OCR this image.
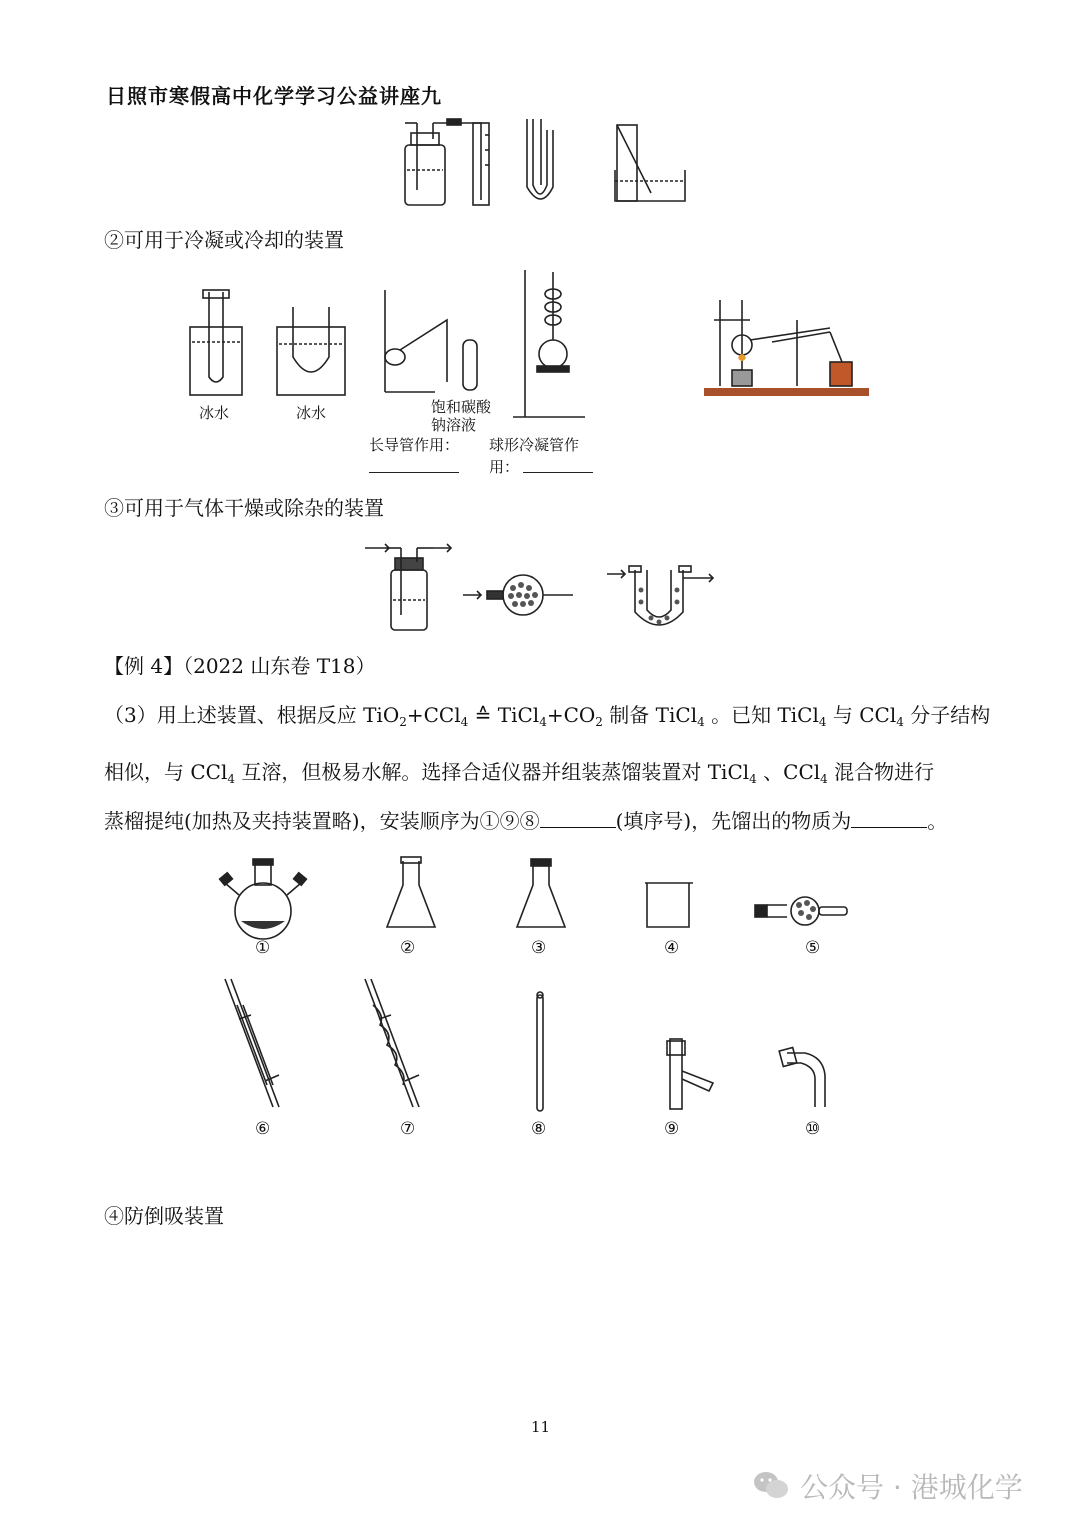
日照市寒假高中化学学习公益讲座九
②可用于冷凝或冷却的装置
冰水	冰水	饱和碳酸
钠溶液
长导管作用： 球形冷凝管作
用：
③可用于气体干燥或除杂的装置
【例 4】（2022 山东卷 T18）
（3）用上述装置、根据反应 TiO$_2$+CCl$_4$ ≙ $TiCl_4+CO_2$ 制备 TiCl$_4$ 。已知 TiCl$_4$ 与 CCl$_4$ 分子结构
相似，与 CCl$_4$ 互溶，但极易水解。选择合适仪器并组装蒸馏装置对 TiCl$_4$ 、CCl$_4$ 混合物进行
蒸榴提纯(加热及夹持装置略)，安装顺序为①⑨⑧	(填序号)，先馏出的物质为	。
①	②	③	④	⑤
⑥	⑦	⑧	⑨	⑩
④防倒吸装置
11
公众号 · 港城化学
